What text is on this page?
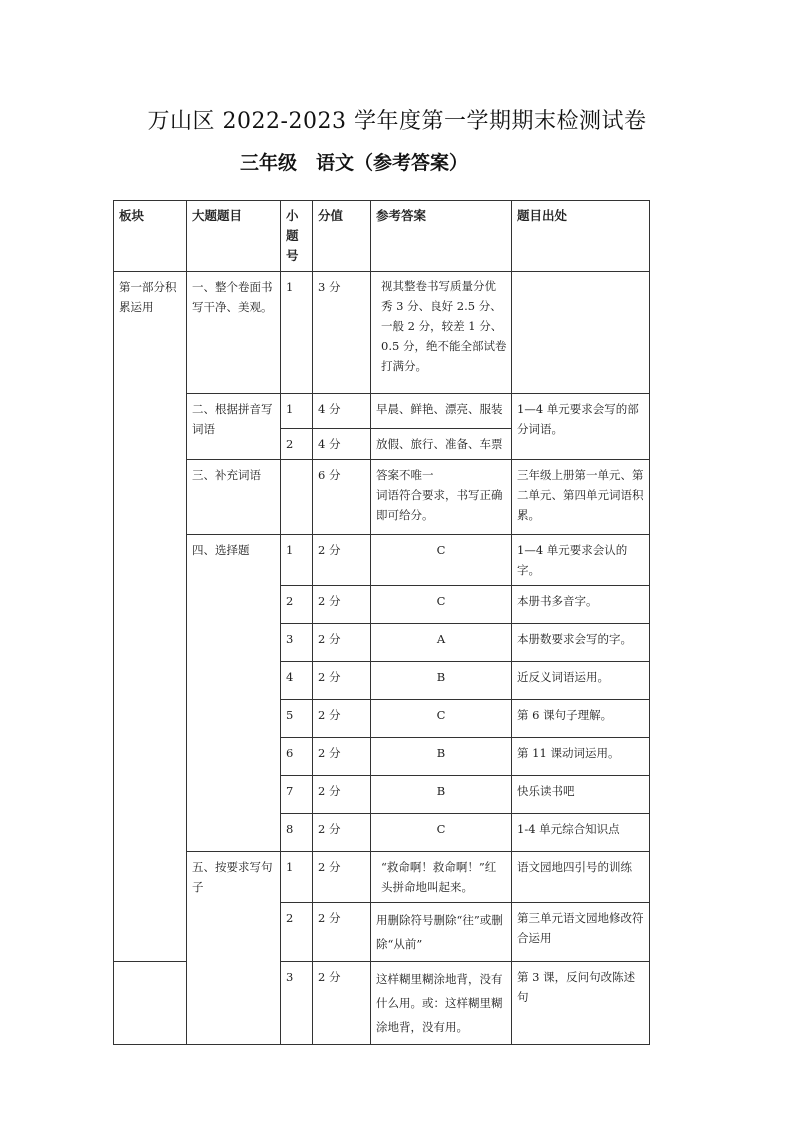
万山区 2022-2023 学年度第一学期期末检测试卷
三年级　语文（参考答案）
板块	大题题目	小题号	分值	参考答案	题目出处
第一部分积累运用	一、整个卷面书写干净、美观。	1	3 分	视其整卷书写质量分优秀 3 分、良好 2.5 分、一般 2 分，较差 1 分、0.5 分，绝不能全部试卷打满分。	
	二、根据拼音写词语	1	4 分	早晨、鲜艳、漂亮、服装	1—4 单元要求会写的部分词语。
		2	4 分	放假、旅行、准备、车票	
	三、补充词语		6 分	答案不唯一
词语符合要求，书写正确即可给分。	三年级上册第一单元、第二单元、第四单元词语积累。
	四、选择题	1	2 分	C	1—4 单元要求会认的字。
		2	2 分	C	本册书多音字。
		3	2 分	A	本册数要求会写的字。
		4	2 分	B	近反义词语运用。
		5	2 分	C	第 6 课句子理解。
		6	2 分	B	第 11 课动词运用。
		7	2 分	B	快乐读书吧
		8	2 分	C	1-4 单元综合知识点
	五、按要求写句子	1	2 分	“救命啊！救命啊！”红头拼命地叫起来。	语文园地四引号的训练
		2	2 分	用删除符号删除“往”或删除“从前”	第三单元语文园地修改符合运用
		3	2 分	这样糊里糊涂地背，没有什么用。或：这样糊里糊涂地背，没有用。	第 3 课，反问句改陈述句
